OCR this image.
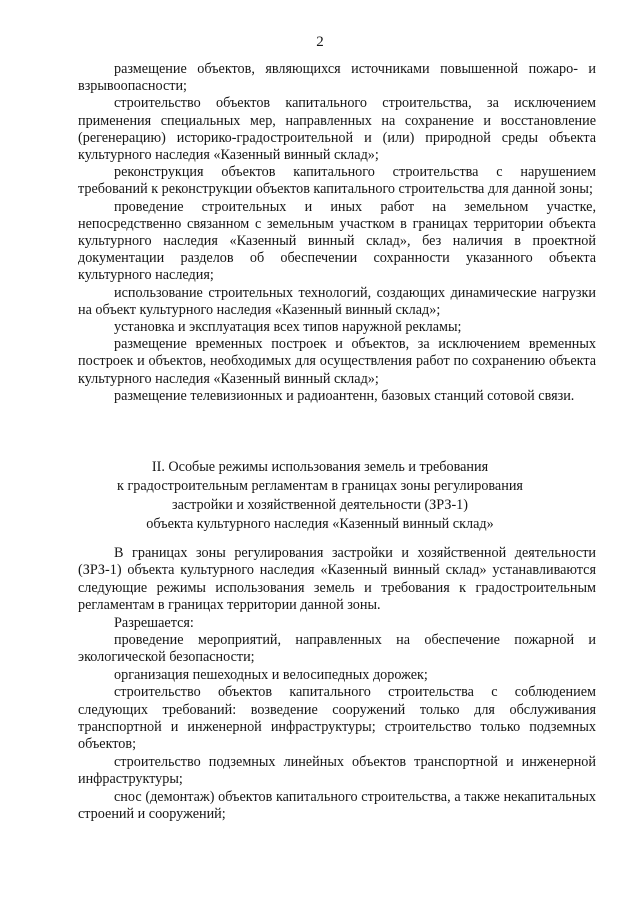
2

размещение объектов, являющихся источниками повышенной пожаро- и взрывоопасности;

строительство объектов капитального строительства, за исключением применения специальных мер, направленных на сохранение и восстановление (регенерацию) историко-градостроительной и (или) природной среды объекта культурного наследия «Казенный винный склад»;

реконструкция объектов капитального строительства с нарушением требований к реконструкции объектов капитального строительства для данной зоны;

проведение строительных и иных работ на земельном участке, непосредственно связанном с земельным участком в границах территории объекта культурного наследия «Казенный винный склад», без наличия в проектной документации разделов об обеспечении сохранности указанного объекта культурного наследия;

использование строительных технологий, создающих динамические нагрузки на объект культурного наследия «Казенный винный склад»;

установка и эксплуатация всех типов наружной рекламы;

размещение временных построек и объектов, за исключением временных построек и объектов, необходимых для осуществления работ по сохранению объекта культурного наследия «Казенный винный склад»;

размещение телевизионных и радиоантенн, базовых станций сотовой связи.

II. Особые режимы использования земель и требования
к градостроительным регламентам в границах зоны регулирования
застройки и хозяйственной деятельности (ЗРЗ-1)
объекта культурного наследия «Казенный винный склад»

В границах зоны регулирования застройки и хозяйственной деятельности (ЗРЗ-1) объекта культурного наследия «Казенный винный склад» устанавливаются следующие режимы использования земель и требования к градостроительным регламентам в границах территории данной зоны.

Разрешается:

проведение мероприятий, направленных на обеспечение пожарной и экологической безопасности;

организация пешеходных и велосипедных дорожек;

строительство объектов капитального строительства с соблюдением следующих требований: возведение сооружений только для обслуживания транспортной и инженерной инфраструктуры; строительство только подземных объектов;

строительство подземных линейных объектов транспортной и инженерной инфраструктуры;

снос (демонтаж) объектов капитального строительства, а также некапитальных строений и сооружений;
